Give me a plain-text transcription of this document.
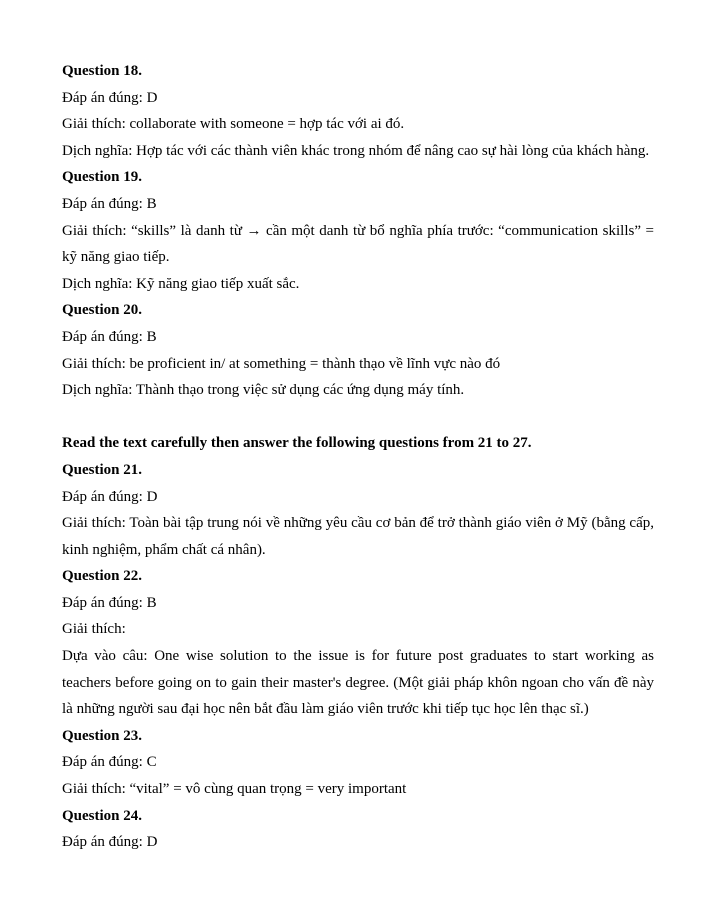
Question 18.

Đáp án đúng: D

Giải thích: collaborate with someone = hợp tác với ai đó.

Dịch nghĩa: Hợp tác với các thành viên khác trong nhóm để nâng cao sự hài lòng của khách hàng.

Question 19.

Đáp án đúng: B

Giải thích: “skills” là danh từ → cần một danh từ bổ nghĩa phía trước: “communication skills” = kỹ năng giao tiếp.

Dịch nghĩa: Kỹ năng giao tiếp xuất sắc.

Question 20.

Đáp án đúng: B

Giải thích: be proficient in/ at something = thành thạo về lĩnh vực nào đó

Dịch nghĩa: Thành thạo trong việc sử dụng các ứng dụng máy tính.

Read the text carefully then answer the following questions from 21 to 27.

Question 21.

Đáp án đúng: D

Giải thích: Toàn bài tập trung nói về những yêu cầu cơ bản để trở thành giáo viên ở Mỹ (bằng cấp, kinh nghiệm, phẩm chất cá nhân).

Question 22.

Đáp án đúng: B

Giải thích:

Dựa vào câu: One wise solution to the issue is for future post graduates to start working as teachers before going on to gain their master's degree. (Một giải pháp khôn ngoan cho vấn đề này là những người sau đại học nên bắt đầu làm giáo viên trước khi tiếp tục học lên thạc sĩ.)

Question 23.

Đáp án đúng: C

Giải thích: “vital” = vô cùng quan trọng = very important

Question 24.

Đáp án đúng: D
